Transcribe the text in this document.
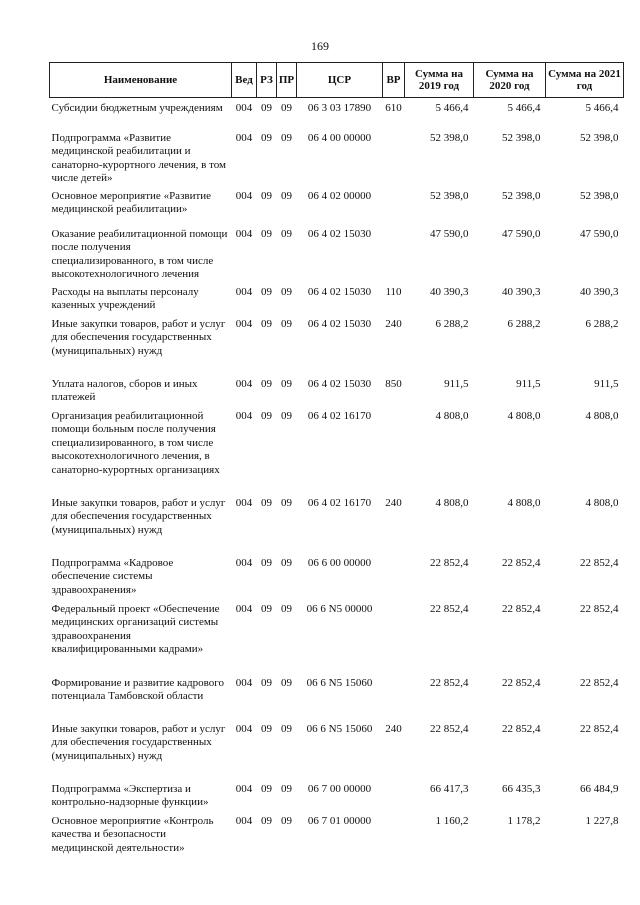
169
Наименование	Вед	РЗ	ПР	ЦСР	ВР	Сумма на 2019 год	Сумма на 2020 год	Сумма на 2021 год
Субсидии бюджетным учреждениям	004	09	09	06 3 03 17890	610	5 466,4	5 466,4	5 466,4
Подпрограмма «Развитие медицинской реабилитации и санаторно-курортного лечения, в том числе детей»	004	09	09	06 4 00 00000		52 398,0	52 398,0	52 398,0
Основное мероприятие «Развитие медицинской реабилитации»	004	09	09	06 4 02 00000		52 398,0	52 398,0	52 398,0
Оказание реабилитационной помощи после получения специализированного, в том числе высокотехнологичного лечения	004	09	09	06 4 02 15030		47 590,0	47 590,0	47 590,0
Расходы на выплаты персоналу казенных учреждений	004	09	09	06 4 02 15030	110	40 390,3	40 390,3	40 390,3
Иные закупки товаров, работ и услуг для обеспечения государственных (муниципальных) нужд	004	09	09	06 4 02 15030	240	6 288,2	6 288,2	6 288,2
Уплата налогов, сборов и иных платежей	004	09	09	06 4 02 15030	850	911,5	911,5	911,5
Организация реабилитационной помощи больным после получения специализированного, в том числе высокотехнологичного лечения, в санаторно-курортных организациях	004	09	09	06 4 02 16170		4 808,0	4 808,0	4 808,0
Иные закупки товаров, работ и услуг для обеспечения государственных (муниципальных) нужд	004	09	09	06 4 02 16170	240	4 808,0	4 808,0	4 808,0
Подпрограмма «Кадровое обеспечение системы здравоохранения»	004	09	09	06 6 00 00000		22 852,4	22 852,4	22 852,4
Федеральный проект «Обеспечение медицинских организаций системы здравоохранения квалифицированными кадрами»	004	09	09	06 6 N5 00000		22 852,4	22 852,4	22 852,4
Формирование и развитие кадрового потенциала Тамбовской области	004	09	09	06 6 N5 15060		22 852,4	22 852,4	22 852,4
Иные закупки товаров, работ и услуг для обеспечения государственных (муниципальных) нужд	004	09	09	06 6 N5 15060	240	22 852,4	22 852,4	22 852,4
Подпрограмма «Экспертиза и контрольно-надзорные функции»	004	09	09	06 7 00 00000		66 417,3	66 435,3	66 484,9
Основное мероприятие «Контроль качества и безопасности медицинской деятельности»	004	09	09	06 7 01 00000		1 160,2	1 178,2	1 227,8
